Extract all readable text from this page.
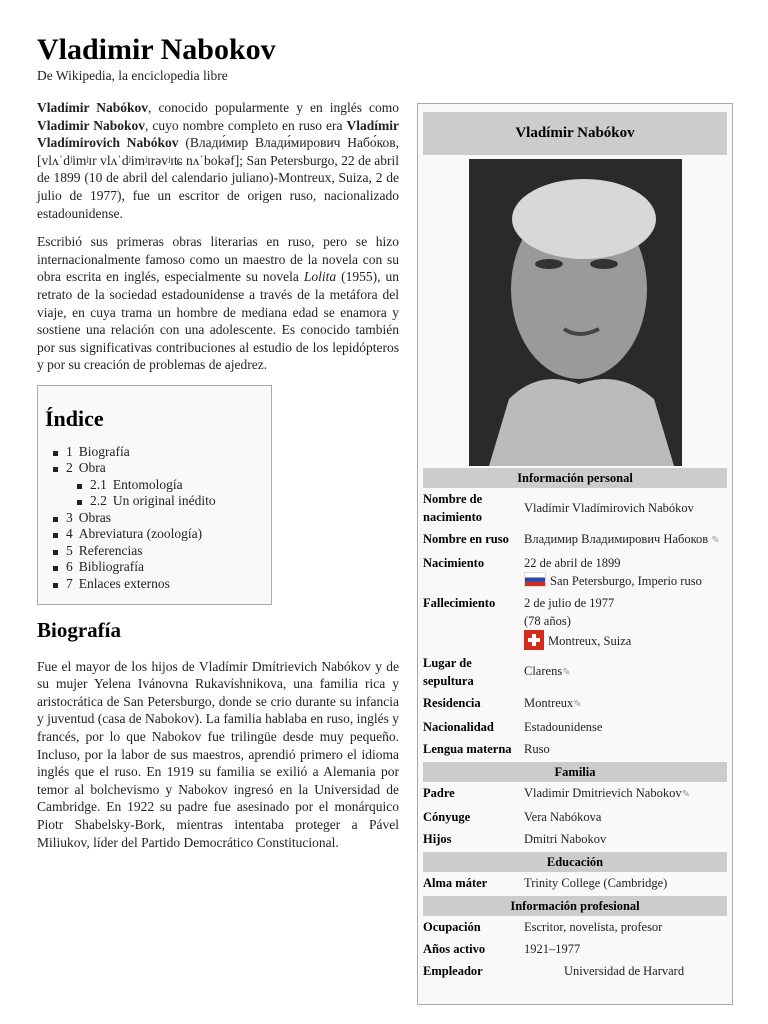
Vladimir Nabokov
De Wikipedia, la enciclopedia libre

Vladímir Nabókov, conocido popularmente y en inglés como Vladimir Nabokov, cuyo nombre completo en ruso era Vladímir Vladímirovich Nabókov (Влади́мир Влади́мирович Набо́ков, [vlʌˈdʲimʲɪr vlʌˈdʲimʲɪrəvʲɪʨ nʌˈbokəf]; San Petersburgo, 22 de abril de 1899 (10 de abril del calendario juliano)-Montreux, Suiza, 2 de julio de 1977), fue un escritor de origen ruso, nacionalizado estadounidense.

Escribió sus primeras obras literarias en ruso, pero se hizo internacionalmente famoso como un maestro de la novela con su obra escrita en inglés, especialmente su novela Lolita (1955), un retrato de la sociedad estadounidense a través de la metáfora del viaje, en cuya trama un hombre de mediana edad se enamora y sostiene una relación con una adolescente. Es conocido también por sus significativas contribuciones al estudio de los lepidópteros y por su creación de problemas de ajedrez.

Índice
1 Biografía
2 Obra
2.1 Entomología
2.2 Un original inédito
3 Obras
4 Abreviatura (zoología)
5 Referencias
6 Bibliografía
7 Enlaces externos
Biografía

Fue el mayor de los hijos de Vladímir Dmítrievich Nabókov y de su mujer Yelena Ivánovna Rukavíshnikova, una familia rica y aristocrática de San Petersburgo, donde se crio durante su infancia y juventud (casa de Nabokov). La familia hablaba en ruso, inglés y francés, por lo que Nabokov fue trilingüe desde muy pequeño. Incluso, por la labor de sus maestros, aprendió primero el idioma inglés que el ruso. En 1919 su familia se exilió a Alemania por temor al bolchevismo y Nabokov ingresó en la Universidad de Cambridge. En 1922 su padre fue asesinado por el monárquico Piotr Shabelsky-Bork, mientras intentaba proteger a Pável Miliukov, líder del Partido Democrático Constitucional.

Vladímir Nabókov
Información personal
Nombre de nacimiento	Vladímir Vladímirovich Nabókov
Nombre en ruso	Владимир Владимирович Набоков ✎
Nacimiento	22 de abril de 1899
San Petersburgo, Imperio ruso
Fallecimiento	2 de julio de 1977
(78 años)
Montreux, Suiza
Lugar de sepultura	Clarens✎
Residencia	Montreux✎
Nacionalidad	Estadounidense
Lengua materna	Ruso
Familia
Padre	Vladimir Dmitrievich Nabokov✎
Cónyuge	Vera Nabókova
Hijos	Dmitri Nabokov
Educación
Alma máter	Trinity College (Cambridge)
Información profesional
Ocupación	Escritor, novelista, profesor
Años activo	1921–1977
Empleador	Universidad de Harvard
